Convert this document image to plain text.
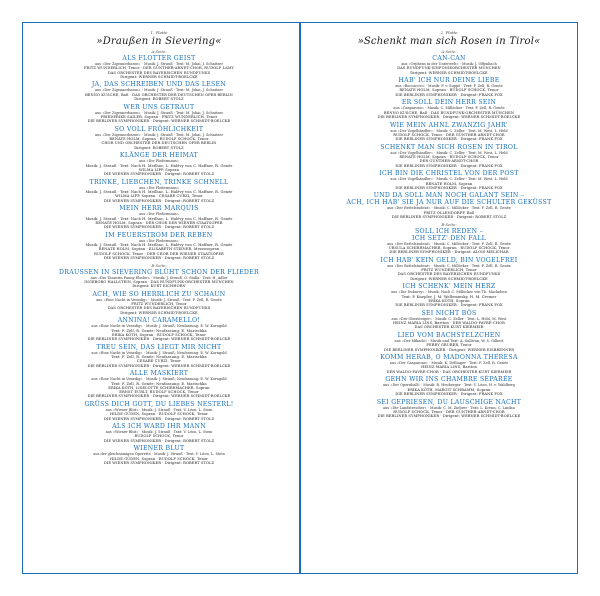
1. Platte
»Draußen in Sievering«
A-Seite:
ALS FLOTTER GEIST
aus »Der Zigeunerbaron« · Musik: J. Strauß · Text: M. Jokai, J. Schnitzer
FRITZ WUNDERLICH, Tenor · DER GÜNTHER-ARNDT-CHOR, RUDOLF LAMY
DAS ORCHESTER DES BAYERISCHEN RUNDFUNKS
Dirigent: WERNER SCHMIDT-BOELCKE
JA, DAS SCHREIBEN UND DAS LESEN
aus »Der Zigeunerbaron« · Musik: J. Strauß · Text: M. Jokai, J. Schnitzer
BENNO KUSCHE, Baß · DAS ORCHESTER DER DEUTSCHEN OPER BERLIN
Dirigent: ROBERT STOLZ
WER UNS GETRAUT
aus »Der Zigeunerbaron« · Musik: J. Strauß · Text: M. Jokai, J. Schnitzer
FRIEDERIKE SAILER, Sopran · FRITZ WUNDERLICH, Tenor
DIE BERLINER SYMPHONIKER · Dirigent: WERNER SCHMIDT-BOELCKE
SO VOLL FRÖHLICHKEIT
aus »Der Zigeunerbaron« · Musik: J. Strauß · Text: M. Jokai, J. Schnitzer
RENATE HOLM, Sopran · RUDOLF SCHOCK, Tenor
CHOR UND ORCHESTER DER DEUTSCHEN OPER BERLIN
Dirigent: ROBERT STOLZ
KLÄNGE DER HEIMAT
aus »Die Fledermaus«
Musik: J. Strauß · Text: Nach H. Meilhac, L. Halévy von C. Haffner, R. Genée
WILMA LIPP, Sopran
DIE WIENER SYMPHONIKER · Dirigent: ROBERT STOLZ
TRINKE, LIEBCHEN, TRINKE SCHNELL
aus »Die Fledermaus«
Musik: J. Strauß · Text: Nach H. Meilhac, L. Halévy von C. Haffner, R. Genée
WILMA LIPP, Sopran · CESARE CURZI, Tenor
DIE WIENER SYMPHONIKER · Dirigent: ROBERT STOLZ
MEIN HERR MARQUIS
aus »Die Fledermaus«
Musik: J. Strauß · Text: Nach H. Meilhac, L. Halévy von C. Haffner, R. Genée
RENATE HOLM, Sopran · DER CHOR DER WIENER STAATSOPER
DIE WIENER SYMPHONIKER · Dirigent: ROBERT STOLZ
IM FEUERSTROM DER REBEN
aus »Die Fledermaus«
Musik: J. Strauß · Text: Nach H. Meilhac, L. Halévy von C. Haffner, R. Genée
RENATE HOLM, Sopran · ELISABETH STEINER, Mezzosopran
RUDOLF SCHOCK, Tenor · DER CHOR DER WIENER STAATSOPER
DIE WIENER SYMPHONIKER · Dirigent: ROBERT STOLZ
B-Seite:
DRAUSSEN IN SIEVERING BLÜHT SCHON DER FLIEDER
aus »Die Tänzerin Fanny Elssler« · Musik: J. Strauß, O. Stalla · Text: H. Adler
INGEBORG HALLSTEIN, Sopran · DAS RUNDFUNK-ORCHESTER MÜNCHEN
Dirigent: KURT EICHHORN
ACH, WIE SO HERRLICH ZU SCHAUN
aus »Eine Nacht in Venedig« · Musik: J. Strauß · Text: F. Zell, R. Genée
FRITZ WUNDERLICH, Tenor
DAS ORCHESTER DES BAYERISCHEN RUNDFUNKS
Dirigent: WERNER SCHMIDT-BOELCKE
ANNINA! CARAMELLO!
aus »Eine Nacht in Venedig« · Musik: J. Strauß; Neufassung: E. W. Korngold
Text: F. Zell, R. Genée; Neufassung: E. Marischka
ERIKA KÖTH, Sopran · RUDOLF SCHOCK, Tenor
DIE BERLINER SYMPHONIKER · Dirigent: WERNER SCHMIDT-BOELCKE
TREU SEIN, DAS LIEGT MIR NICHT
aus »Eine Nacht in Venedig« · Musik: J. Strauß; Neufassung: E. W. Korngold
Text: F. Zell, R. Genée; Neufassung: E. Marischka
CESARE CURZI, Tenor
DIE BERLINER SYMPHONIKER · Dirigent: WERNER SCHMIDT-BOELCKE
ALLE MASKIERT
aus »Eine Nacht in Venedig« · Musik: J. Strauß; Neufassung: E. W. Korngold
Text: F. Zell, R. Genée; Neufassung: E. Marischka
ERIKA KÖTH, LISELOTTE SCHIRRMACHER, Sopran
ERNST EURLT, RUDOLF SCHOCK, Tenor
DIE BERLINER SYMPHONIKER · Dirigent: WERNER SCHMIDT-BOELCKE
GRÜSS DICH GOTT, DU LIEBES NESTERL!
aus »Wiener Blut« · Musik: J. Strauß · Text: V. Léon, L. Stein
HILDE GÜDEN, Sopran · RUDOLF SCHOCK, Tenor
DIE WIENER SYMPHONIKER · Dirigent: ROBERT STOLZ
ALS ICH WARD IHR MANN
aus »Wiener Blut« · Musik: J. Strauß · Text: V. Léon, L. Stein
RUDOLF SCHOCK, Tenor
DIE WIENER SYMPHONIKER · Dirigent: ROBERT STOLZ
WIENER BLUT
aus der gleichnamigen Operette · Musik: J. Strauß · Text: V. Léon, L. Stein
HILDE GÜDEN, Sopran · RUDOLF SCHOCK, Tenor
DIE WIENER SYMPHONIKER · Dirigent: ROBERT STOLZ
2. Platte
»Schenkt man sich Rosen in Tirol«
A-Seite:
CAN-CAN
aus »Orpheus in der Unterwelt« · Musik: J. Offenbach
DAS RUNDFUNK-SINFONIEORCHESTER MÜNCHEN
Dirigent: WERNER SCHMIDT-BOELCKE
HAB' ICH NUR DEINE LIEBE
aus »Boccaccio« · Musik: F. v. Suppé · Text: F. Zell, R. Genée
RENATE HOLM, Sopran · RUDOLF SCHOCK, Tenor
DIE BERLINER SYMPHONIKER · Dirigent: FRANK FOX
ER SOLL DEIN HERR SEIN
aus »Gasparone« · Musik: C. Millöcker · Text: F. Zell, R. Genée
BENNO KUSCHE, Baß · DAS RUNDFUNK-ORCHESTER MÜNCHEN
DIE BERLINER SYMPHONIKER · Dirigent: WERNER SCHMIDT-BOELCKE
WIE MEIN AHNL ZWANZIG JAHR'
aus »Der Vogelhändler« · Musik: C. Zeller · Text: M. West, L. Held
RUDOLF SCHOCK, Tenor · DER GÜNTHER-ARNDT-CHOR
DIE BERLINER SYMPHONIKER · Dirigent: FRANK FOX
SCHENKT MAN SICH ROSEN IN TIROL
aus »Der Vogelhändler« · Musik: C. Zeller · Text: M. West, L. Held
RENATE HOLM, Sopran · RUDOLF SCHOCK, Tenor
DER GÜNTHER-ARNDT-CHOR
DIE BERLINER SYMPHONIKER · Dirigent: FRANK FOX
ICH BIN DIE CHRISTEL VON DER POST
aus »Der Vogelhändler« · Musik: C. Zeller · Text: M. West, L. Held
RENATE HOLM, Sopran
DIE BERLINER SYMPHONIKER · Dirigent: FRANK FOX
UND DA SOLL MAN NOCH GALANT SEIN –
ACH, ICH HAB' SIE JA NUR AUF DIE SCHULTER GEKÜSST
aus »Der Bettelstudent« · Musik: C. Millöcker · Text: F. Zell, R. Genée
FRITZ OLLENDORFF, Baß
DIE BERLINER SYMPHONIKER · Dirigent: ROBERT STOLZ
B-Seite:
SOLL ICH REDEN –
ICH SETZ' DEN FALL
aus »Der Bettelstudent« · Musik: C. Millöcker · Text: F. Zell, R. Genée
URSULA SCHIRRMACHER, Sopran · RUDOLF SCHOCK, Tenor
DIE BERLINER SYMPHONIKER · Dirigent: ALOIS MELICHAR
ICH HAB' KEIN GELD, BIN VOGELFREI
aus »Der Bettelstudent« · Musik: C. Millöcker · Text: F. Zell, R. Genée
FRITZ WUNDERLICH, Tenor
DAS ORCHESTER DES BAYERISCHEN RUNDFUNKS
Dirigent: WERNER SCHMIDT-BOELCKE
ICH SCHENK' MEIN HERZ
aus »Die Dubarry« · Musik: Nach C. Millöcker von Th. Mackeben
Text: P. Knepler, J. M. Welleminsky, H. M. Cremer
ERIKA KÖTH, Sopran
DIE BERLINER SYMPHONIKER · Dirigent: FRANK FOX
SEI NICHT BÖS
aus »Der Obersteiger« · Musik: C. Zeller · Text: L. Held, M. West
HEINZ MARIA LINS, Bariton · DER WALDO-FAVRE-CHOR
DAS ORCHESTER KURT KIERMEIR
LIED VOM BACHSTELZCHEN
aus »Der Mikado« · Musik und Text: A. Sullivan, W. S. Gilbert
FERRY GRUBER, Tenor
DIE BERLINER SYMPHONIKER · Dirigent: WERNER EISBRENNER
KOMM HERAB, O MADONNA THERESA
aus »Der Gasparone« · Musik: K. Dellinger · Text: F. Zell, R. Genée
HEINZ MARIA LINS, Bariton
DER WALDO-FAVRE-CHOR · DAS ORCHESTER KURT KIERMEIR
GEHN WIR INS CHAMBRE SÉPARÉE
aus »Der Opernball« · Musik: R. Heuberger · Text: V. Léon, H. v. Waldberg
ERIKA KÖTH, MARGIT SCHRAMM, Sopran
DIE BERLINER SYMPHONIKER · Dirigent: FRANK FOX
SEI GEPRIESEN, DU LAUSCHIGE NACHT
aus »Die Landstreicher« · Musik: C. M. Ziehrer · Text: L. Krenn, C. Lindau
RUDOLF SCHOCK, Tenor · DER GÜNTHER-ARNDT-CHOR
DIE BERLINER SYMPHONIKER · Dirigent: WERNER SCHMIDT-BOELCKE
